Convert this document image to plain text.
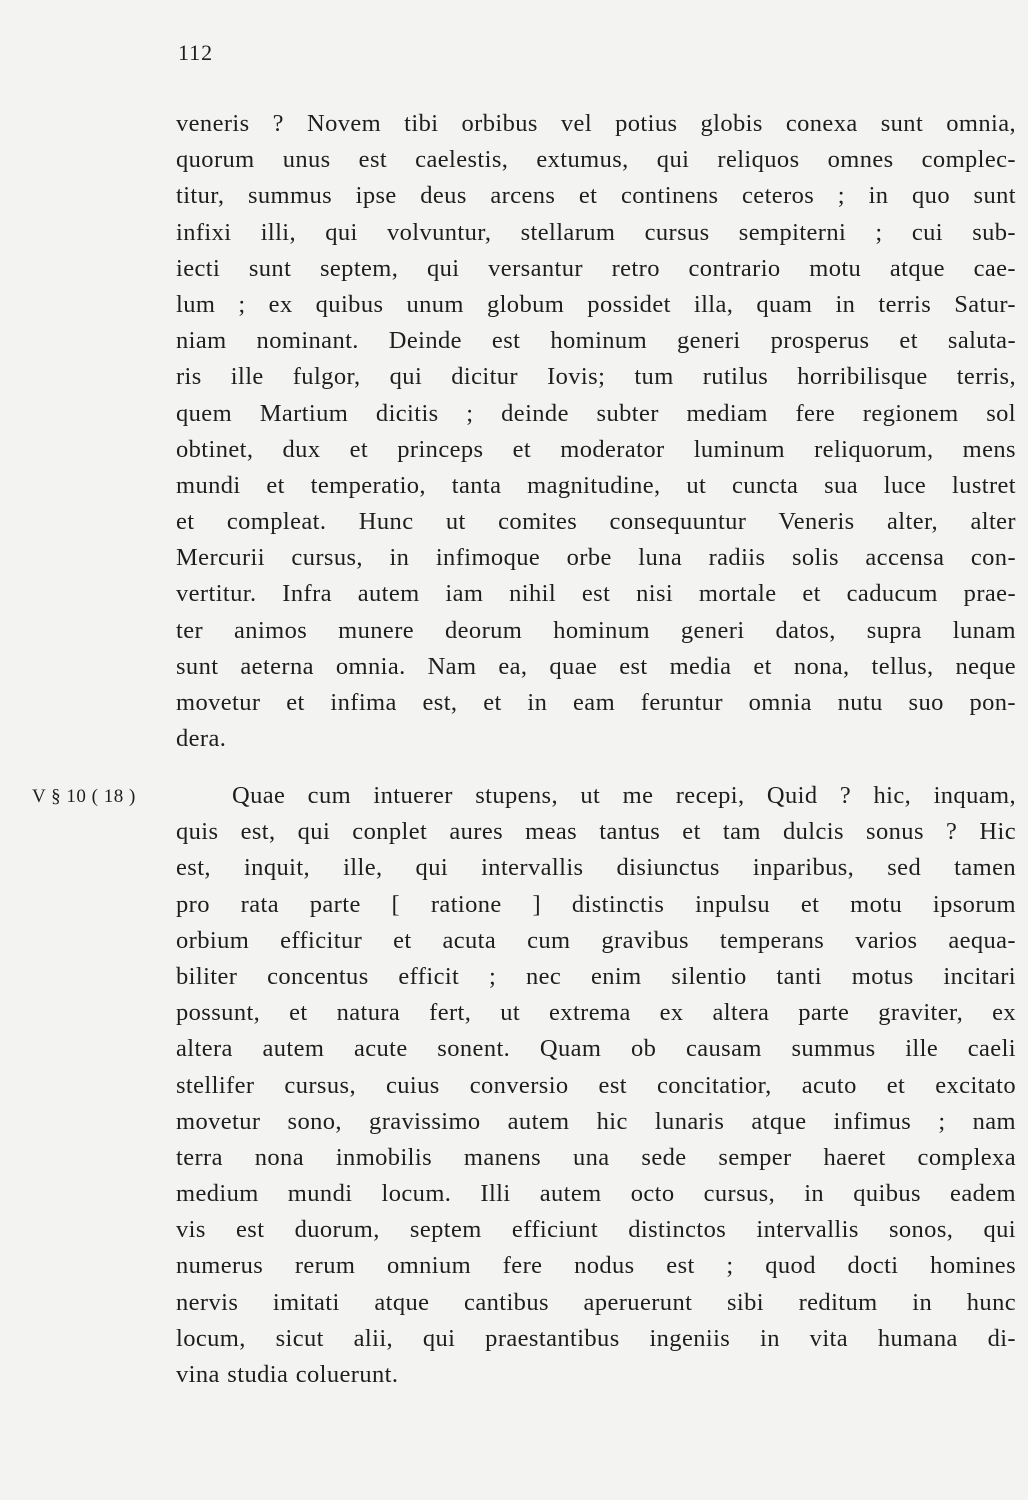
112
veneris ? Novem tibi orbibus vel potius globis conexa sunt omnia,
quorum unus est caelestis, extumus, qui reliquos omnes complec-
titur, summus ipse deus arcens et continens ceteros ; in quo sunt
infixi illi, qui volvuntur, stellarum cursus sempiterni ; cui sub-
iecti sunt septem, qui versantur retro contrario motu atque cae-
lum ; ex quibus unum globum possidet illa, quam in terris Satur-
niam nominant. Deinde est hominum generi prosperus et saluta-
ris ille fulgor, qui dicitur Iovis; tum rutilus horribilisque terris,
quem Martium dicitis ; deinde subter mediam fere regionem sol
obtinet, dux et princeps et moderator luminum reliquorum, mens
mundi et temperatio, tanta magnitudine, ut cuncta sua luce lustret
et compleat. Hunc ut comites consequuntur Veneris alter, alter
Mercurii cursus, in infimoque orbe luna radiis solis accensa con-
vertitur. Infra autem iam nihil est nisi mortale et caducum prae-
ter animos munere deorum hominum generi datos, supra lunam
sunt aeterna omnia. Nam ea, quae est media et nona, tellus, neque
movetur et infima est, et in eam feruntur omnia nutu suo pon-
dera.
V § 10 ( 18 )	Quae cum intuerer stupens, ut me recepi, Quid ? hic, inquam,
quis est, qui conplet aures meas tantus et tam dulcis sonus ? Hic
est, inquit, ille, qui intervallis disiunctus inparibus, sed tamen
pro rata parte [ ratione ] distinctis inpulsu et motu ipsorum
orbium efficitur et acuta cum gravibus temperans varios aequa-
biliter concentus efficit ; nec enim silentio tanti motus incitari
possunt, et natura fert, ut extrema ex altera parte graviter, ex
altera autem acute sonent. Quam ob causam summus ille caeli
stellifer cursus, cuius conversio est concitatior, acuto et excitato
movetur sono, gravissimo autem hic lunaris atque infimus ; nam
terra nona inmobilis manens una sede semper haeret complexa
medium mundi locum. Illi autem octo cursus, in quibus eadem
vis est duorum, septem efficiunt distinctos intervallis sonos, qui
numerus rerum omnium fere nodus est ; quod docti homines
nervis imitati atque cantibus aperuerunt sibi reditum in hunc
locum, sicut alii, qui praestantibus ingeniis in vita humana di-
vina studia coluerunt.
